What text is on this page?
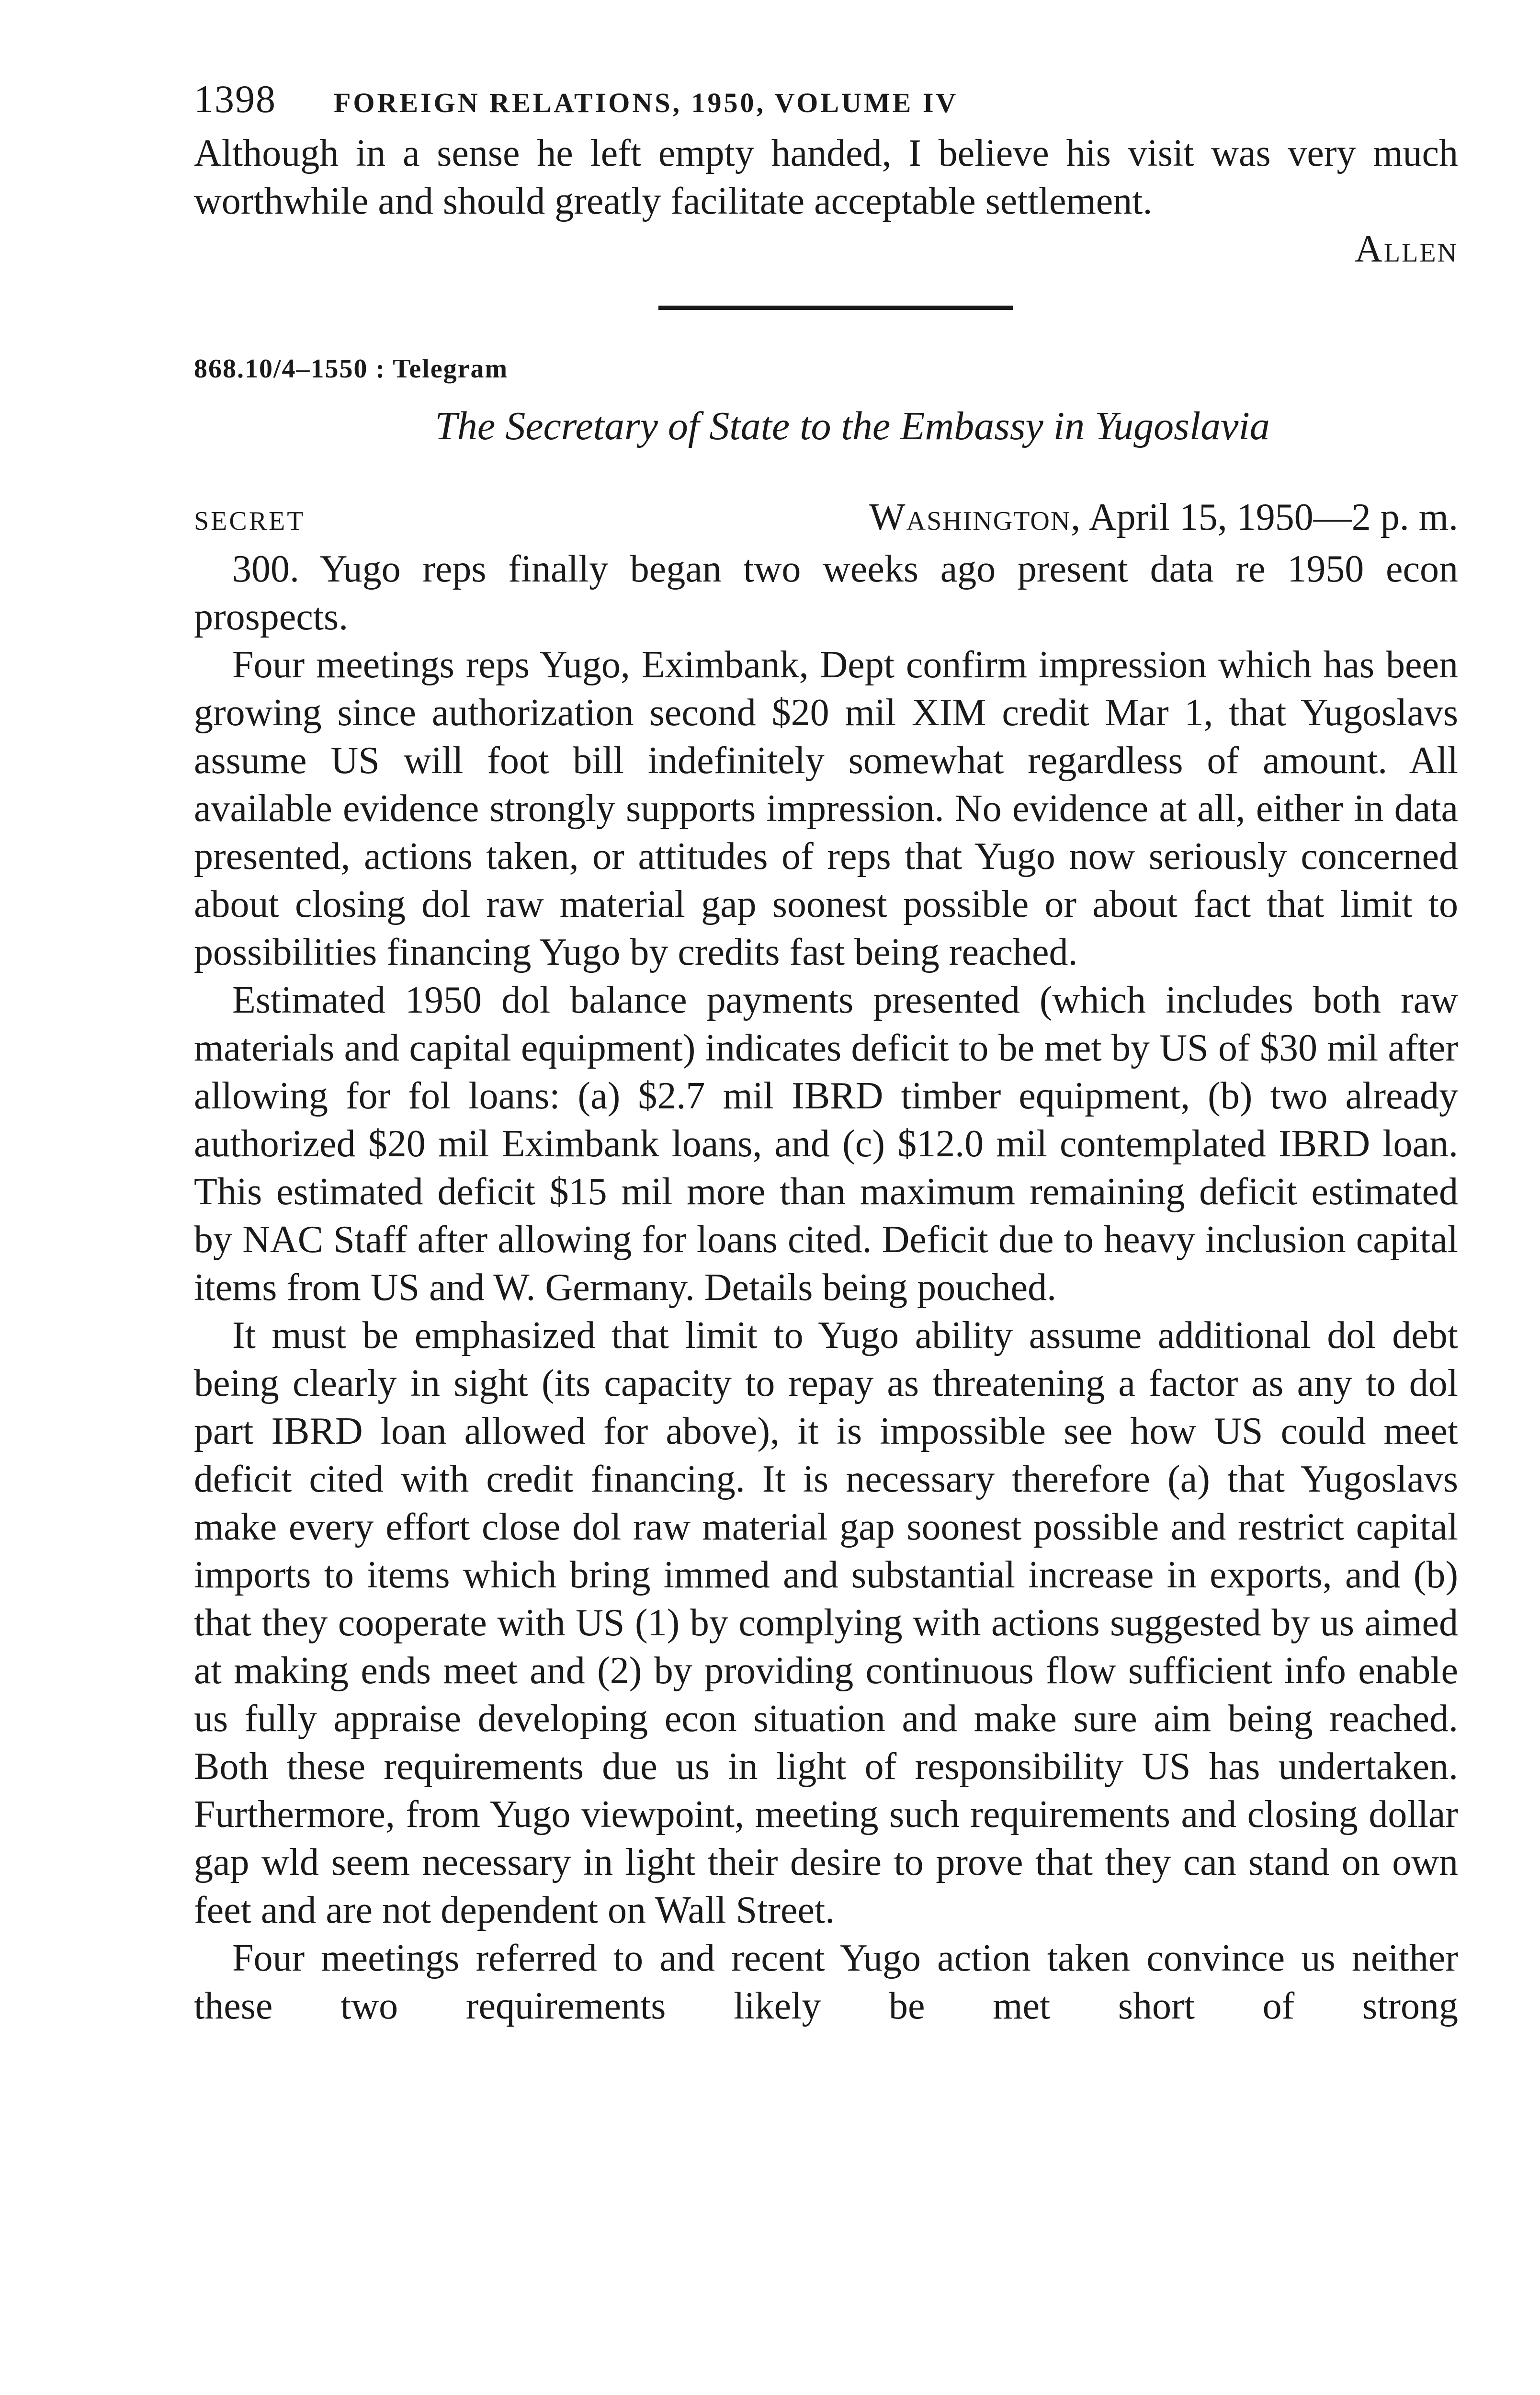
1398 FOREIGN RELATIONS, 1950, VOLUME IV

Although in a sense he left empty handed, I believe his visit was very much worthwhile and should greatly facilitate acceptable settlement.

Allen
868.10/4–1550 : Telegram
The Secretary of State to the Embassy in Yugoslavia
SECRET	Washington, April 15, 1950—2 p. m.

300. Yugo reps finally began two weeks ago present data re 1950 econ prospects.

Four meetings reps Yugo, Eximbank, Dept confirm impression which has been growing since authorization second $20 mil XIM credit Mar 1, that Yugoslavs assume US will foot bill indefinitely somewhat regardless of amount. All available evidence strongly supports impression. No evidence at all, either in data presented, actions taken, or attitudes of reps that Yugo now seriously concerned about closing dol raw material gap soonest possible or about fact that limit to possibilities financing Yugo by credits fast being reached.

Estimated 1950 dol balance payments presented (which includes both raw materials and capital equipment) indicates deficit to be met by US of $30 mil after allowing for fol loans: (a) $2.7 mil IBRD timber equipment, (b) two already authorized $20 mil Eximbank loans, and (c) $12.0 mil contemplated IBRD loan. This estimated deficit $15 mil more than maximum remaining deficit estimated by NAC Staff after allowing for loans cited. Deficit due to heavy inclusion capital items from US and W. Germany. Details being pouched.

It must be emphasized that limit to Yugo ability assume additional dol debt being clearly in sight (its capacity to repay as threatening a factor as any to dol part IBRD loan allowed for above), it is impossible see how US could meet deficit cited with credit financing. It is necessary therefore (a) that Yugoslavs make every effort close dol raw material gap soonest possible and restrict capital imports to items which bring immed and substantial increase in exports, and (b) that they cooperate with US (1) by complying with actions suggested by us aimed at making ends meet and (2) by providing continuous flow sufficient info enable us fully appraise developing econ situation and make sure aim being reached. Both these requirements due us in light of responsibility US has undertaken. Furthermore, from Yugo viewpoint, meeting such requirements and closing dollar gap wld seem necessary in light their desire to prove that they can stand on own feet and are not dependent on Wall Street.

Four meetings referred to and recent Yugo action taken convince us neither these two requirements likely be met short of strong
